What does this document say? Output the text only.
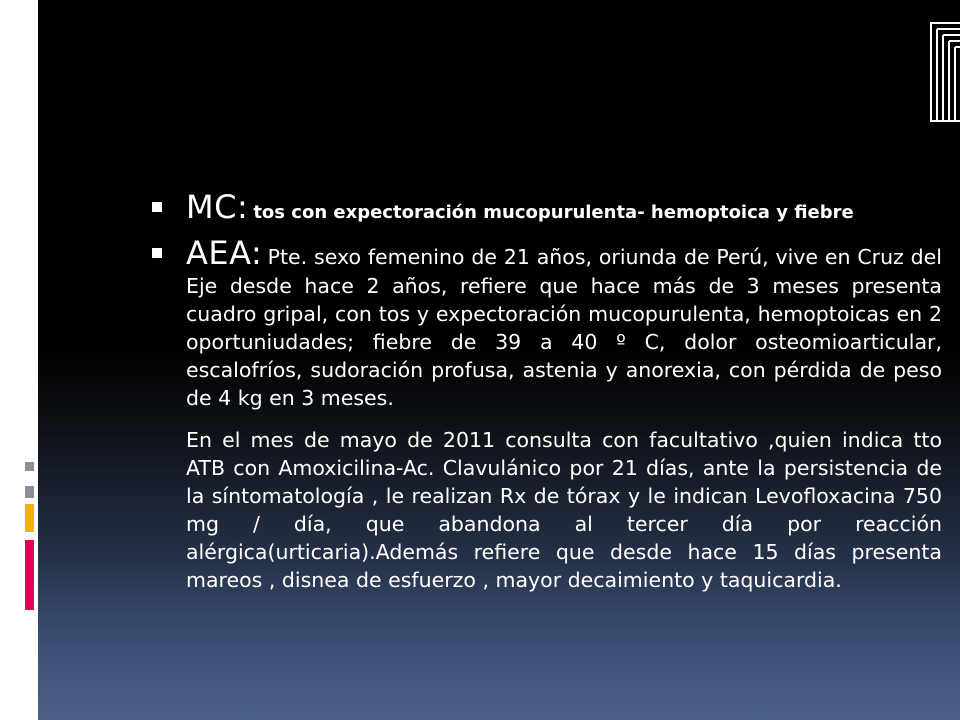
MC: tos con expectoración mucopurulenta- hemoptoica y fiebre

AEA: Pte. sexo femenino de 21 años, oriunda de Perú, vive en Cruz del Eje desde hace 2 años, refiere que hace más de 3 meses presenta cuadro gripal, con tos y expectoración mucopurulenta, hemoptoicas en 2 oportuniudades; fiebre de 39 a 40 º C, dolor osteomioarticular, escalofríos, sudoración profusa, astenia y anorexia, con pérdida de peso de 4 kg en 3 meses.

En el mes de mayo de 2011 consulta con facultativo ,quien indica tto ATB con Amoxicilina-Ac. Clavulánico por 21 días, ante la persistencia de la síntomatología , le realizan Rx de tórax y le indican Levofloxacina 750 mg / día, que abandona al tercer día por reacción alérgica(urticaria).Además refiere que desde hace 15 días presenta mareos , disnea de esfuerzo , mayor decaimiento y taquicardia.
